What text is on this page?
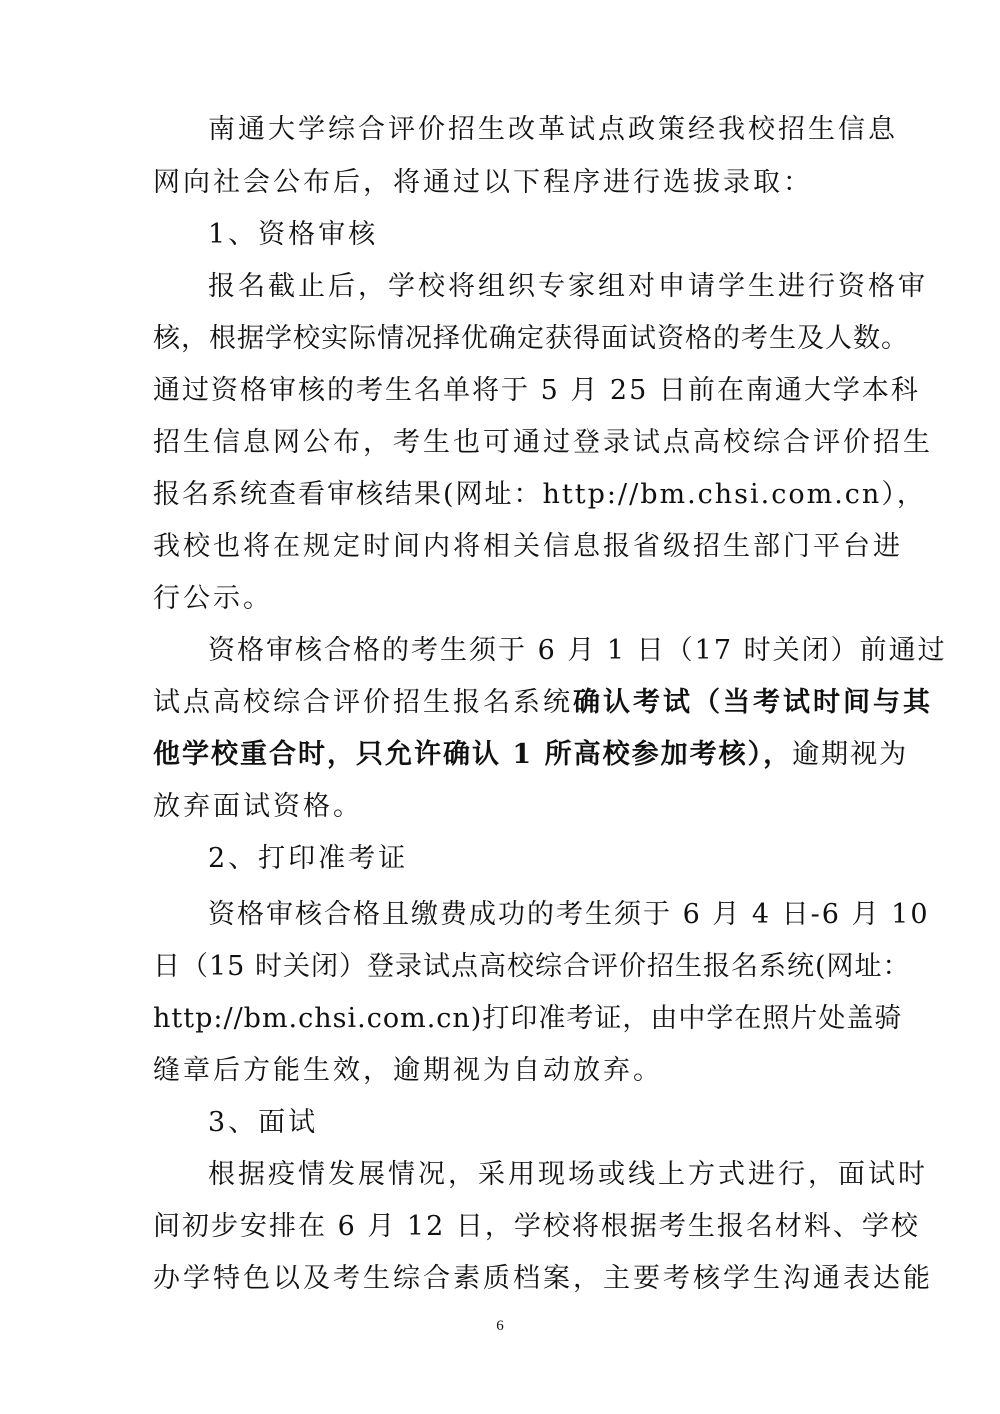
南通大学综合评价招生改革试点政策经我校招生信息
网向社会公布后，将通过以下程序进行选拔录取：
1、资格审核
报名截止后，学校将组织专家组对申请学生进行资格审
核，根据学校实际情况择优确定获得面试资格的考生及人数。
通过资格审核的考生名单将于 5 月 25 日前在南通大学本科
招生信息网公布，考生也可通过登录试点高校综合评价招生
报名系统查看审核结果(网址：http://bm.chsi.com.cn），
我校也将在规定时间内将相关信息报省级招生部门平台进
行公示。
资格审核合格的考生须于 6 月 1 日（17 时关闭）前通过
试点高校综合评价招生报名系统确认考试（当考试时间与其
他学校重合时，只允许确认 1 所高校参加考核），逾期视为
放弃面试资格。
2、打印准考证
资格审核合格且缴费成功的考生须于 6 月 4 日-6 月 10
日（15 时关闭）登录试点高校综合评价招生报名系统(网址：
http://bm.chsi.com.cn)打印准考证，由中学在照片处盖骑
缝章后方能生效，逾期视为自动放弃。
3、面试
根据疫情发展情况，采用现场或线上方式进行，面试时
间初步安排在 6 月 12 日，学校将根据考生报名材料、学校
办学特色以及考生综合素质档案，主要考核学生沟通表达能
6
